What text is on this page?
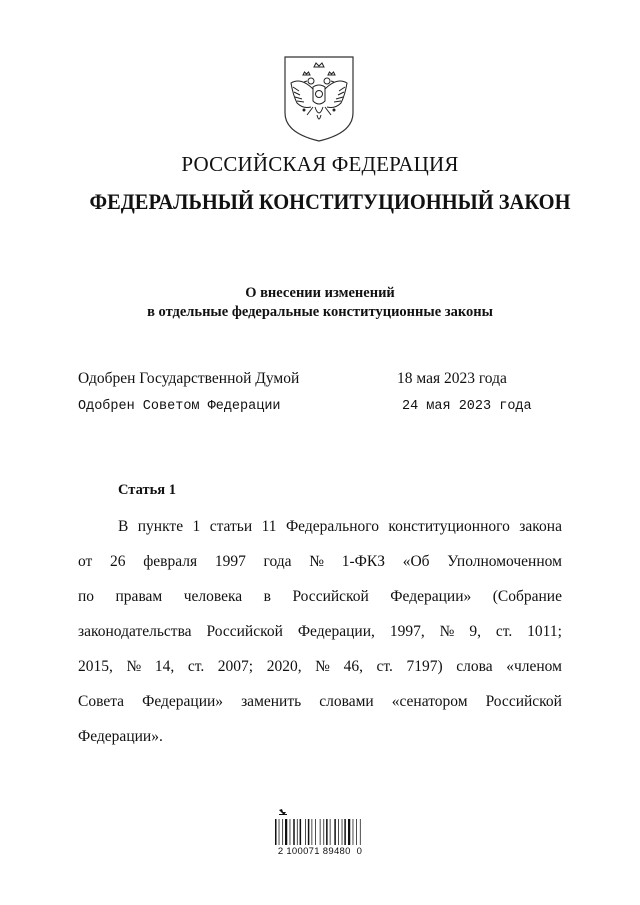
РОССИЙСКАЯ ФЕДЕРАЦИЯ
ФЕДЕРАЛЬНЫЙ КОНСТИТУЦИОННЫЙ ЗАКОН
О внесении изменений
в отдельные федеральные конституционные законы
Одобрен Государственной Думой	18 мая 2023 года
Одобрен Советом Федерации	24 мая 2023 года
Статья 1
В пункте 1 статьи 11 Федерального конституционного закона
от 26 февраля 1997 года № 1-ФКЗ «Об Уполномоченном
по правам человека в Российской Федерации» (Собрание
законодательства Российской Федерации, 1997, № 9, ст. 1011;
2015, № 14, ст. 2007; 2020, № 46, ст. 7197) слова «членом
Совета Федерации» заменить словами «сенатором Российской
Федерации».
2 100071 89480  0
